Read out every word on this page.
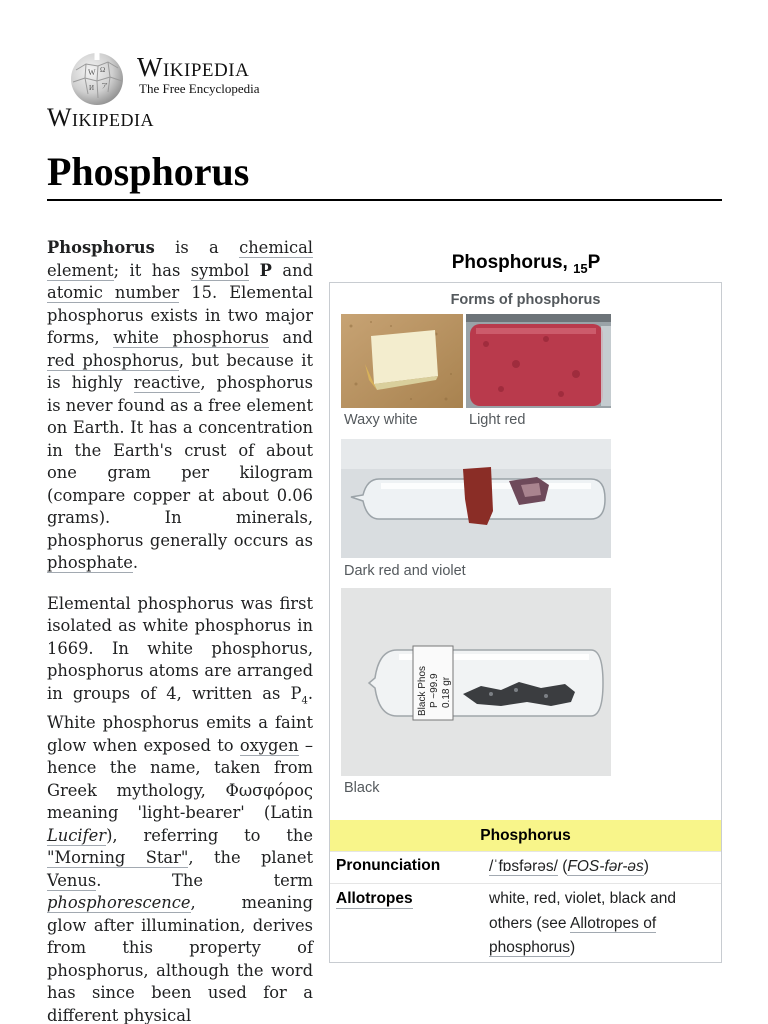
W Ω
И ア
Wikipedia
The Free Encyclopedia
Wikipedia
Phosphorus

Phosphorus is a chemical element; it has symbol P and atomic number 15. Elemental phosphorus exists in two major forms, white phosphorus and red phosphorus, but because it is highly reactive, phosphorus is never found as a free element on Earth. It has a concentration in the Earth's crust of about one gram per kilogram (compare copper at about 0.06 grams). In minerals, phosphorus generally occurs as phosphate.

Elemental phosphorus was first isolated as white phosphorus in 1669. In white phosphorus, phosphorus atoms are arranged in groups of 4, written as $P_4$. White phosphorus emits a faint glow when exposed to oxygen – hence the name, taken from Greek mythology, Φωσφόρος meaning 'light-bearer' (Latin Lucifer), referring to the "Morning Star", the planet Venus. The term phosphorescence, meaning glow after illumination, derives from this property of phosphorus, although the word has since been used for a different physical

Phosphorus, $_{15}$P
Forms of phosphorus
Waxy white	Light red
Dark red and violet
Black Phos P ~99.9 0.18 gr
Black
Phosphorus
Pronunciation	/ˈfɒsfərəs/ (FOS-fər-əs)
Allotropes	white, red, violet, black and others (see Allotropes of phosphorus)
